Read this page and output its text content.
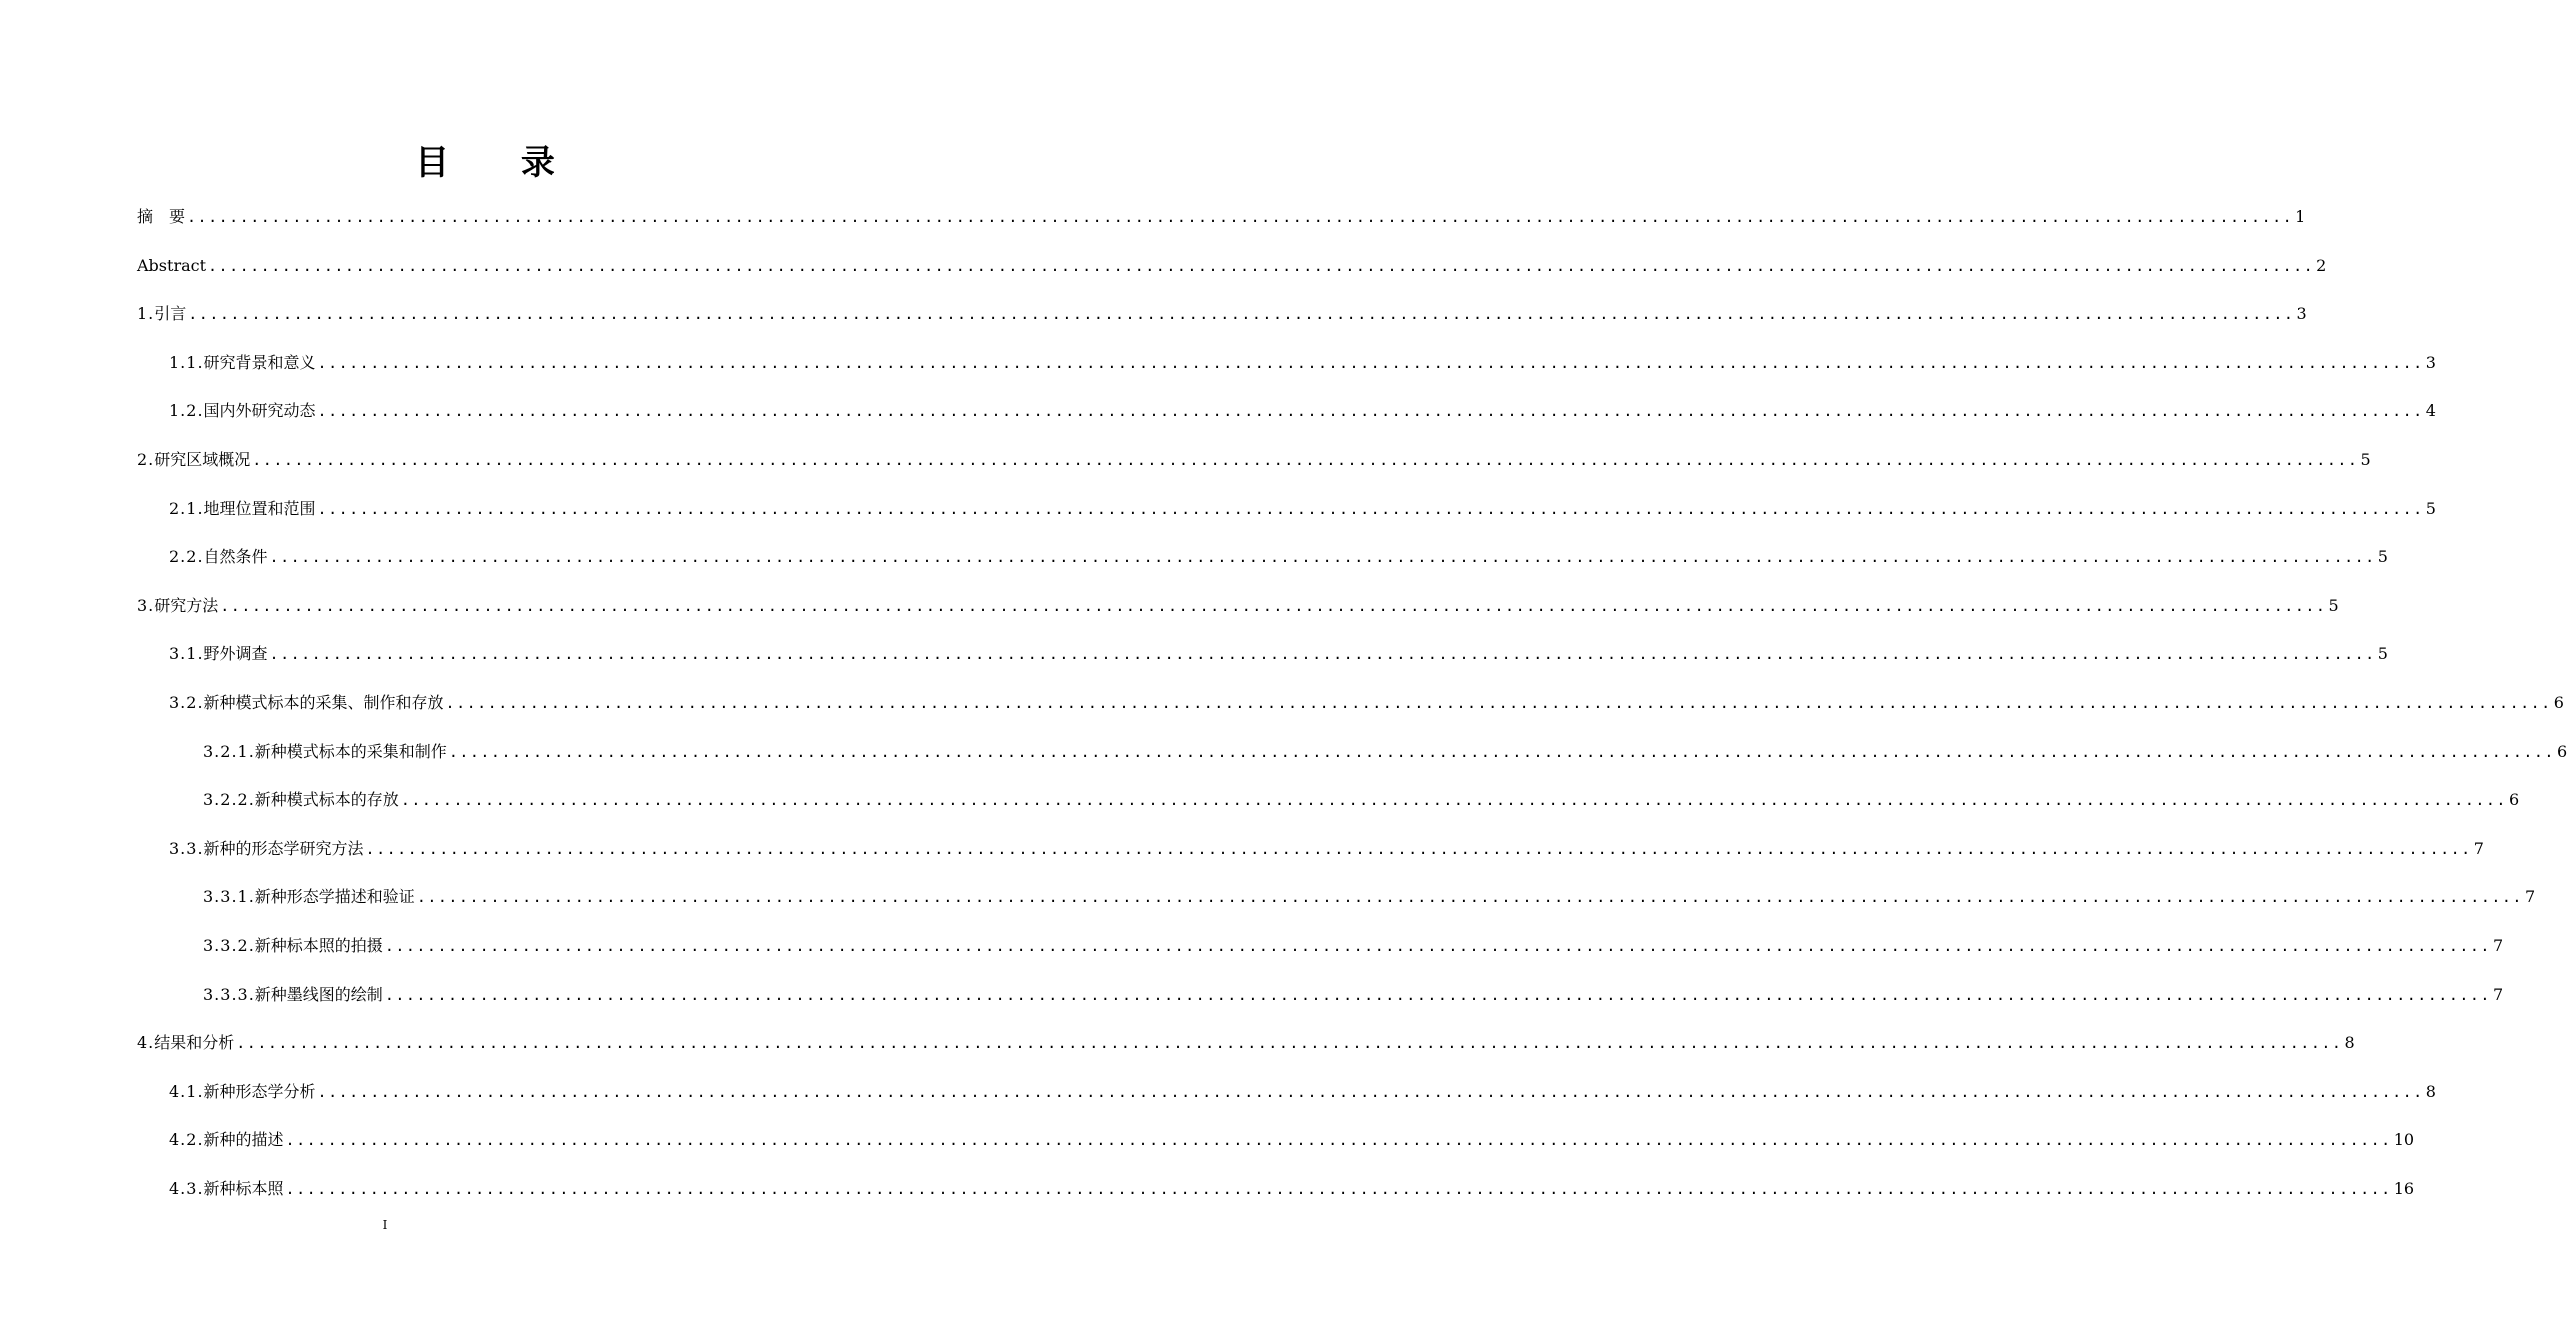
目 录
摘　要 ........................................................................................................................................................................................................ 1
Abstract ........................................................................................................................................................................................................ 2
1. 引言 ........................................................................................................................................................................................................ 3
1.1. 研究背景和意义 ........................................................................................................................................................................................................ 3
1.2. 国内外研究动态 ........................................................................................................................................................................................................ 4
2. 研究区域概况 ........................................................................................................................................................................................................ 5
2.1. 地理位置和范围 ........................................................................................................................................................................................................ 5
2.2. 自然条件 ........................................................................................................................................................................................................ 5
3. 研究方法 ........................................................................................................................................................................................................ 5
3.1. 野外调查 ........................................................................................................................................................................................................ 5
3.2. 新种模式标本的采集、制作和存放 ........................................................................................................................................................................................................ 6
3.2.1. 新种模式标本的采集和制作 ........................................................................................................................................................................................................ 6
3.2.2. 新种模式标本的存放 ........................................................................................................................................................................................................ 6
3.3. 新种的形态学研究方法 ........................................................................................................................................................................................................ 7
3.3.1. 新种形态学描述和验证 ........................................................................................................................................................................................................ 7
3.3.2. 新种标本照的拍摄 ........................................................................................................................................................................................................ 7
3.3.3. 新种墨线图的绘制 ........................................................................................................................................................................................................ 7
4. 结果和分析 ........................................................................................................................................................................................................ 8
4.1. 新种形态学分析 ........................................................................................................................................................................................................ 8
4.2. 新种的描述 ........................................................................................................................................................................................................ 10
4.3. 新种标本照 ........................................................................................................................................................................................................ 16
I
